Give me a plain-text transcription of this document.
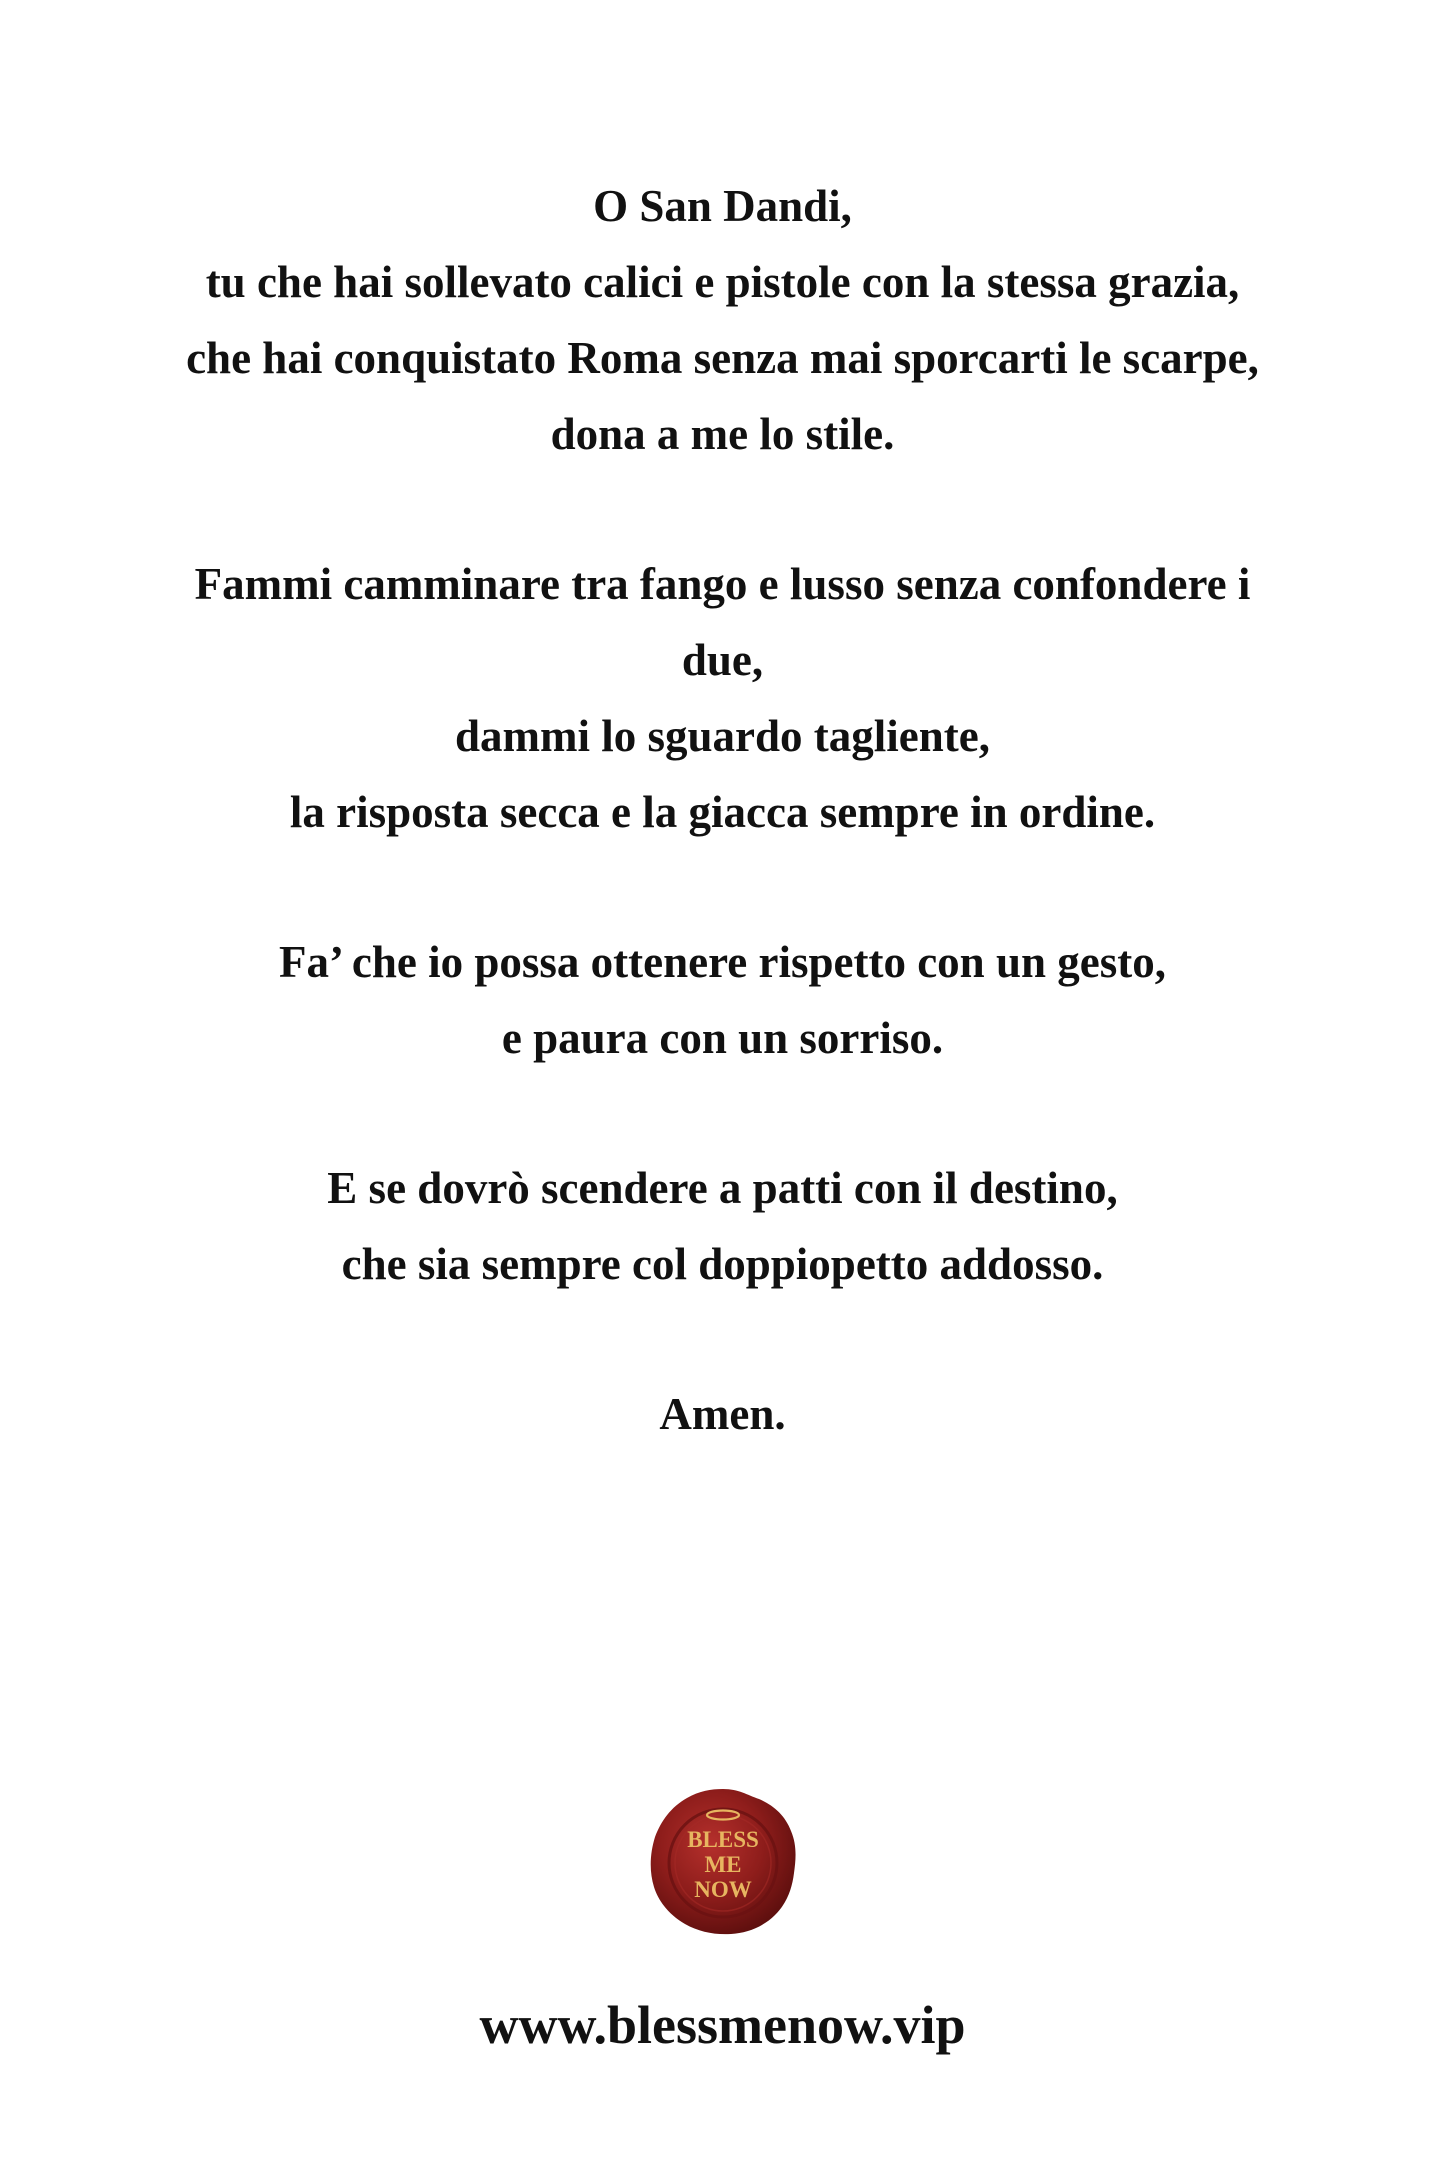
O San Dandi,
tu che hai sollevato calici e pistole con la stessa grazia,
che hai conquistato Roma senza mai sporcarti le scarpe,
dona a me lo stile.
Fammi camminare tra fango e lusso senza confondere i
due,
dammi lo sguardo tagliente,
la risposta secca e la giacca sempre in ordine.
Fa’ che io possa ottenere rispetto con un gesto,
e paura con un sorriso.
E se dovrò scendere a patti con il destino,
che sia sempre col doppiopetto addosso.
Amen.
BLESS
ME
NOW
www.blessmenow.vip
